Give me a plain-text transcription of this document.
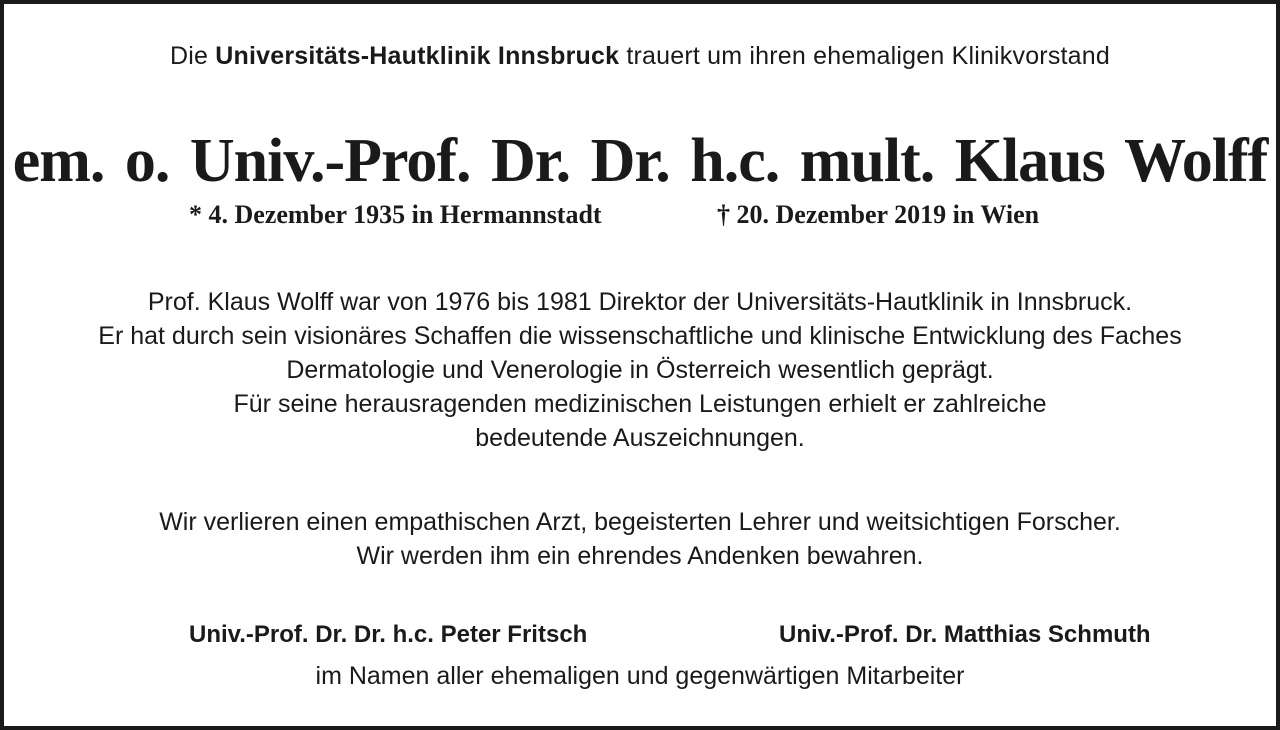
Die Universitäts-Hautklinik Innsbruck trauert um ihren ehemaligen Klinikvorstand
em. o. Univ.-Prof. Dr. Dr. h.c. mult. Klaus Wolff
* 4. Dezember 1935 in Hermannstadt	† 20. Dezember 2019 in Wien
Prof. Klaus Wolff war von 1976 bis 1981 Direktor der Universitäts-Hautklinik in Innsbruck.
Er hat durch sein visionäres Schaffen die wissenschaftliche und klinische Entwicklung des Faches
Dermatologie und Venerologie in Österreich wesentlich geprägt.
Für seine herausragenden medizinischen Leistungen erhielt er zahlreiche
bedeutende Auszeichnungen.
Wir verlieren einen empathischen Arzt, begeisterten Lehrer und weitsichtigen Forscher.
Wir werden ihm ein ehrendes Andenken bewahren.
Univ.-Prof. Dr. Dr. h.c. Peter Fritsch	Univ.-Prof. Dr. Matthias Schmuth
im Namen aller ehemaligen und gegenwärtigen Mitarbeiter
